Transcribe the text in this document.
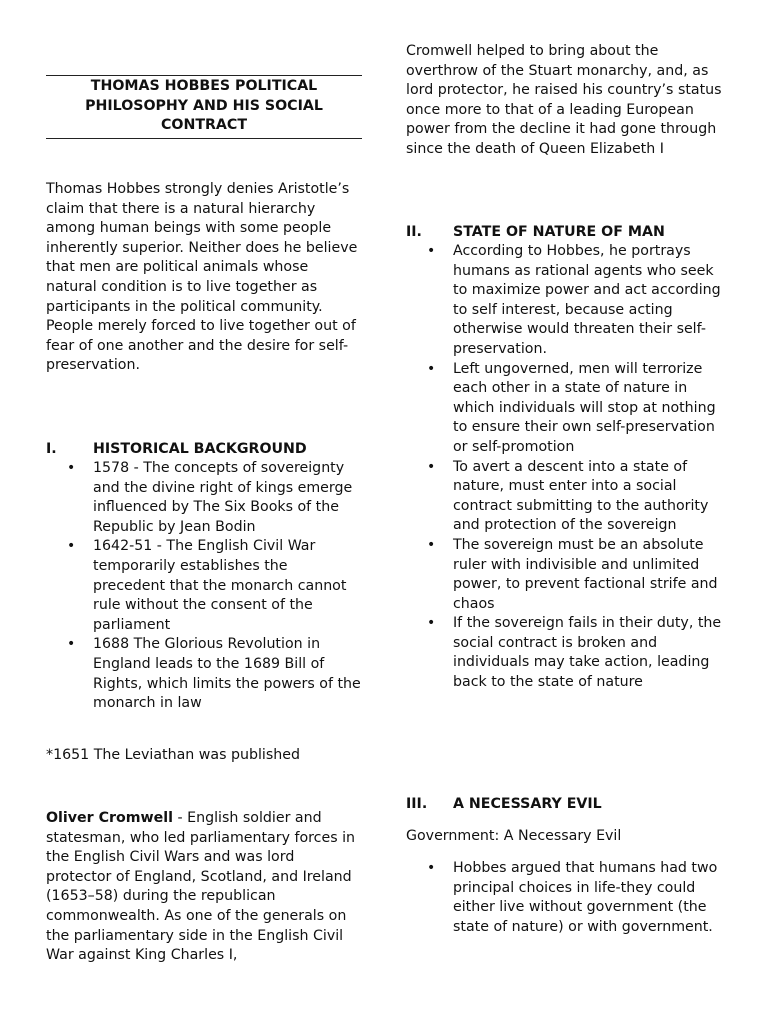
THOMAS HOBBES POLITICAL PHILOSOPHY AND HIS SOCIAL CONTRACT

Thomas Hobbes strongly denies Aristotle’s claim that there is a natural hierarchy among human beings with some people inherently superior. Neither does he believe that men are political animals whose natural condition is to live together as participants in the political community. People merely forced to live together out of fear of one another and the desire for self-preservation.

I.	HISTORICAL BACKGROUND
• 1578 - The concepts of sovereignty and the divine right of kings emerge influenced by The Six Books of the Republic by Jean Bodin
• 1642-51 - The English Civil War temporarily establishes the precedent that the monarch cannot rule without the consent of the parliament
• 1688 The Glorious Revolution in England leads to the 1689 Bill of Rights, which limits the powers of the monarch in law

*1651 The Leviathan was published

Oliver Cromwell - English soldier and statesman, who led parliamentary forces in the English Civil Wars and was lord protector of England, Scotland, and Ireland (1653–58) during the republican commonwealth. As one of the generals on the parliamentary side in the English Civil War against King Charles I,

Cromwell helped to bring about the overthrow of the Stuart monarchy, and, as lord protector, he raised his country’s status once more to that of a leading European power from the decline it had gone through since the death of Queen Elizabeth I

II.	STATE OF NATURE OF MAN
• According to Hobbes, he portrays humans as rational agents who seek to maximize power and act according to self interest, because acting otherwise would threaten their self-preservation.
• Left ungoverned, men will terrorize each other in a state of nature in which individuals will stop at nothing to ensure their own self-preservation or self-promotion
• To avert a descent into a state of nature, must enter into a social contract submitting to the authority and protection of the sovereign
• The sovereign must be an absolute ruler with indivisible and unlimited power, to prevent factional strife and chaos
• If the sovereign fails in their duty, the social contract is broken and individuals may take action, leading back to the state of nature
III.	A NECESSARY EVIL

Government: A Necessary Evil

• Hobbes argued that humans had two principal choices in life-they could either live without government (the state of nature) or with government.
